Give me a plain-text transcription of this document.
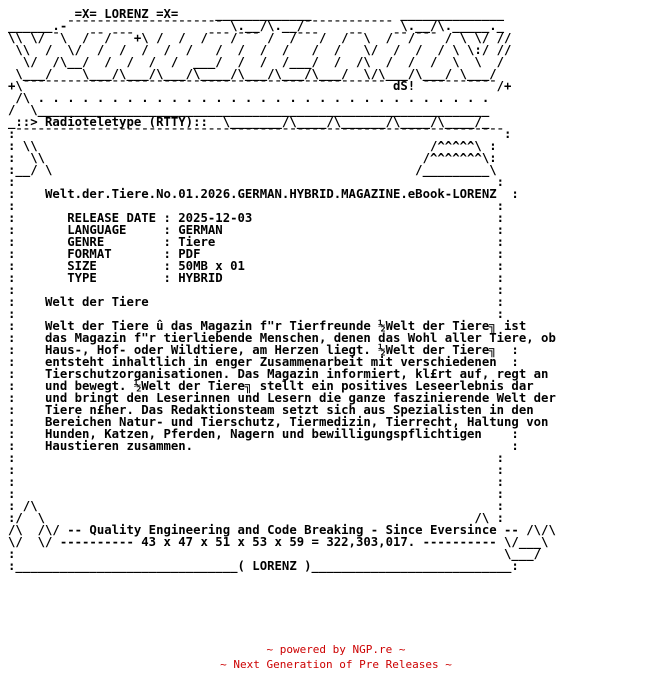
=X= LORENZ =X=     _____________            ______________
______.-¯¯¯¯¯¯¯¯¯¯¯¯¯¯¯¯¯¯¯¯¯ \.__/\.__/¯¯¯¯¯¯¯¯¯¯¯¯ \.__/\._____._
\\ \/ ¯\  /¯¯/¯¯¯+\ /  /  /¯¯¯/¯¯¯ /  /¯¯¯/  /¯¯\  /¯¯/¯¯¯ / \ \/ //
\\  /  \/  /  /  /  /  /   /  /  /  /   /  /   \/  /  /  / \ \:/ //
\/  /\__/  /  /  /  /  ___/  /  /  /___/  /  /\  /  /  /  \  \  /
\___/    \___/\___/\___/\____/\___/\___/\___/  \/\___/\___/ \___/
+\¯¯¯¯¯¯¯¯¯¯¯¯¯¯¯¯¯¯¯¯¯¯¯¯¯¯¯¯¯¯¯¯¯¯¯¯¯¯¯¯¯¯¯¯¯¯¯¯¯ dS! ¯¯¯¯¯¯¯¯¯¯/+
/\ . . . . . . . . . . . . . . . . . . . . . . . . . . . . . . .
/  \_____________________________________________________________
_::> Radioteletype (RTTY)::  \_______/\____/\______/\____/\____/_
:¯¯¯¯¯¯¯¯¯¯¯¯¯¯¯¯¯¯¯¯¯¯¯¯¯¯¯¯¯¯¯¯¯¯¯¯¯¯¯¯¯¯¯¯¯¯¯¯¯¯¯¯¯¯¯¯¯¯¯¯¯¯¯¯¯¯:
: \\                                                     /^^^^^\ :
:  \\                                                   /^^^^^^^\:
:__/ \                                                 /_________\
:                                                                 :
:    Welt.der.Tiere.No.01.2026.GERMAN.HYBRID.MAGAZINE.eBook-LORENZ  :
:                                                                 :
:       RELEASE DATE : 2025-12-03                                 :
:       LANGUAGE     : GERMAN                                     :
:       GENRE        : Tiere                                      :
:       FORMAT       : PDF                                        :
:       SIZE         : 50MB x 01                                  :
:       TYPE         : HYBRID                                     :
:                                                                 :
:    Welt der Tiere                                               :
:                                                                 :
:    Welt der Tiere û das Magazin f"r Tierfreunde ½Welt der Tiere╗ ist
:    das Magazin f"r tierliebende Menschen, denen das Wohl aller Tiere, ob
:    Haus-, Hof- oder Wildtiere, am Herzen liegt. ½Welt der Tiere╗  :
:    entsteht inhaltlich in enger Zusammenarbeit mit verschiedenen  :
:    Tierschutzorganisationen. Das Magazin informiert, kl£rt auf, regt an
:    und bewegt. ½Welt der Tiere╗ stellt ein positives Leseerlebnis dar
:    und bringt den Leserinnen und Lesern die ganze faszinierende Welt der
:    Tiere n£her. Das Redaktionsteam setzt sich aus Spezialisten in den
:    Bereichen Natur- und Tierschutz, Tiermedizin, Tierrecht, Haltung von
:    Hunden, Katzen, Pferden, Nagern und bewilligungspflichtigen    :
:    Haustieren zusammen.                                           :
:                                                                 :
:                                                                 :
:                                                                 :
:                                                                 :
: /\                                                              :
:/  \                                                          /\ :
/\  /\/ -- Quality Engineering and Code Breaking - Since Eversince -- /\/\
\/  \/ ---------- 43 x 47 x 51 x 53 x 59 = 322,303,017. ---------- \/___\
:                                                                  \___/
:______________________________( LORENZ )___________________________:
~ powered by NGP.re ~
~ Next Generation of Pre Releases ~
